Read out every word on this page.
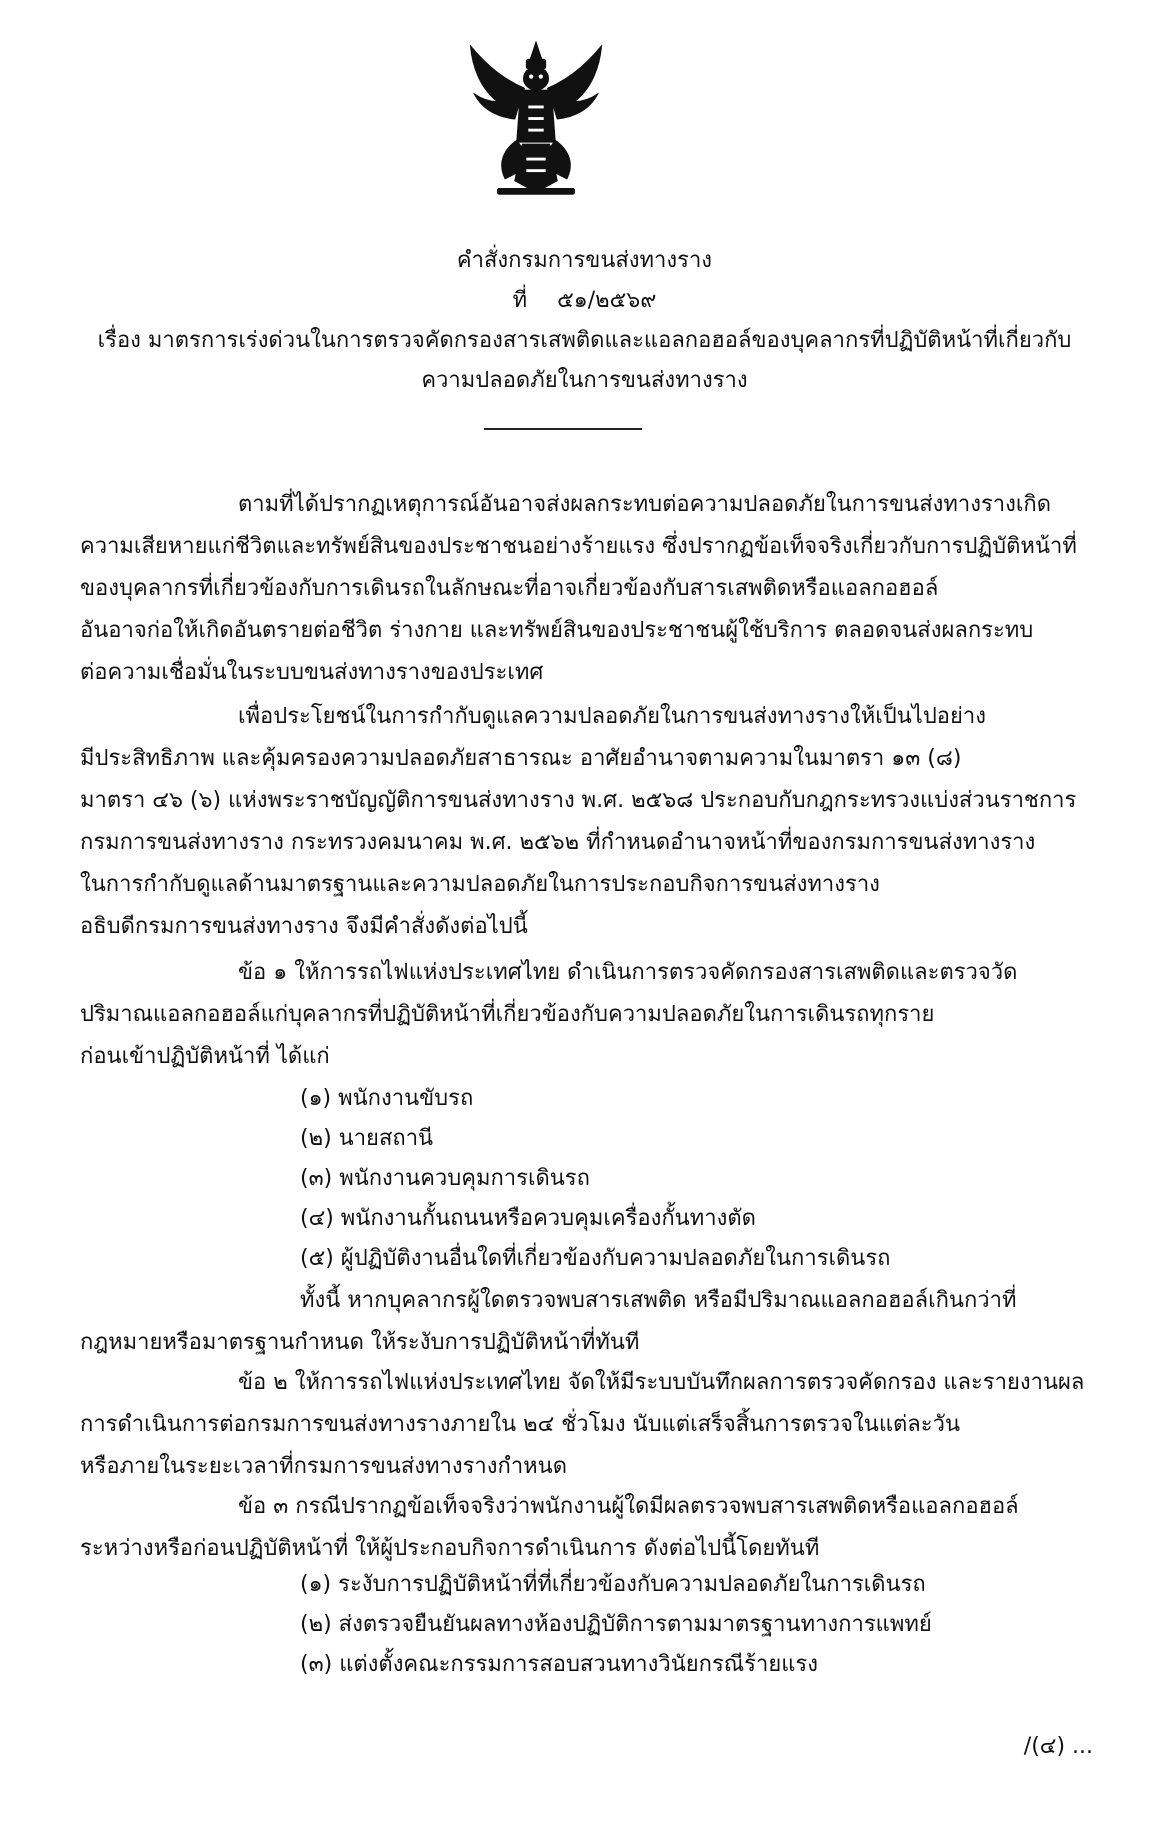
คำสั่งกรมการขนส่งทางราง
ที่ ๕๑/๒๕๖๙
เรื่อง มาตรการเร่งด่วนในการตรวจคัดกรองสารเสพติดและแอลกอฮอล์ของบุคลากรที่ปฏิบัติหน้าที่เกี่ยวกับ
ความปลอดภัยในการขนส่งทางราง
ตามที่ได้ปรากฏเหตุการณ์อันอาจส่งผลกระทบต่อความปลอดภัยในการขนส่งทางรางเกิด
ความเสียหายแก่ชีวิตและทรัพย์สินของประชาชนอย่างร้ายแรง ซึ่งปรากฏข้อเท็จจริงเกี่ยวกับการปฏิบัติหน้าที่
ของบุคลากรที่เกี่ยวข้องกับการเดินรถในลักษณะที่อาจเกี่ยวข้องกับสารเสพติดหรือแอลกอฮอล์
อันอาจก่อให้เกิดอันตรายต่อชีวิต ร่างกาย และทรัพย์สินของประชาชนผู้ใช้บริการ ตลอดจนส่งผลกระทบ
ต่อความเชื่อมั่นในระบบขนส่งทางรางของประเทศ
เพื่อประโยชน์ในการกำกับดูแลความปลอดภัยในการขนส่งทางรางให้เป็นไปอย่าง
มีประสิทธิภาพ และคุ้มครองความปลอดภัยสาธารณะ อาศัยอำนาจตามความในมาตรา ๑๓ (๘)
มาตรา ๔๖ (๖) แห่งพระราชบัญญัติการขนส่งทางราง พ.ศ. ๒๕๖๘ ประกอบกับกฎกระทรวงแบ่งส่วนราชการ
กรมการขนส่งทางราง กระทรวงคมนาคม พ.ศ. ๒๕๖๒ ที่กำหนดอำนาจหน้าที่ของกรมการขนส่งทางราง
ในการกำกับดูแลด้านมาตรฐานและความปลอดภัยในการประกอบกิจการขนส่งทางราง
อธิบดีกรมการขนส่งทางราง จึงมีคำสั่งดังต่อไปนี้
ข้อ ๑ ให้การรถไฟแห่งประเทศไทย ดำเนินการตรวจคัดกรองสารเสพติดและตรวจวัด
ปริมาณแอลกอฮอล์แก่บุคลากรที่ปฏิบัติหน้าที่เกี่ยวข้องกับความปลอดภัยในการเดินรถทุกราย
ก่อนเข้าปฏิบัติหน้าที่ ได้แก่
(๑) พนักงานขับรถ
(๒) นายสถานี
(๓) พนักงานควบคุมการเดินรถ
(๔) พนักงานกั้นถนนหรือควบคุมเครื่องกั้นทางตัด
(๕) ผู้ปฏิบัติงานอื่นใดที่เกี่ยวข้องกับความปลอดภัยในการเดินรถ
ทั้งนี้ หากบุคลากรผู้ใดตรวจพบสารเสพติด หรือมีปริมาณแอลกอฮอล์เกินกว่าที่
กฎหมายหรือมาตรฐานกำหนด ให้ระงับการปฏิบัติหน้าที่ทันที
ข้อ ๒ ให้การรถไฟแห่งประเทศไทย จัดให้มีระบบบันทึกผลการตรวจคัดกรอง และรายงานผล
การดำเนินการต่อกรมการขนส่งทางรางภายใน ๒๔ ชั่วโมง นับแต่เสร็จสิ้นการตรวจในแต่ละวัน
หรือภายในระยะเวลาที่กรมการขนส่งทางรางกำหนด
ข้อ ๓ กรณีปรากฏข้อเท็จจริงว่าพนักงานผู้ใดมีผลตรวจพบสารเสพติดหรือแอลกอฮอล์
ระหว่างหรือก่อนปฏิบัติหน้าที่ ให้ผู้ประกอบกิจการดำเนินการ ดังต่อไปนี้โดยทันที
(๑) ระงับการปฏิบัติหน้าที่ที่เกี่ยวข้องกับความปลอดภัยในการเดินรถ
(๒) ส่งตรวจยืนยันผลทางห้องปฏิบัติการตามมาตรฐานทางการแพทย์
(๓) แต่งตั้งคณะกรรมการสอบสวนทางวินัยกรณีร้ายแรง
/(๔) ...
